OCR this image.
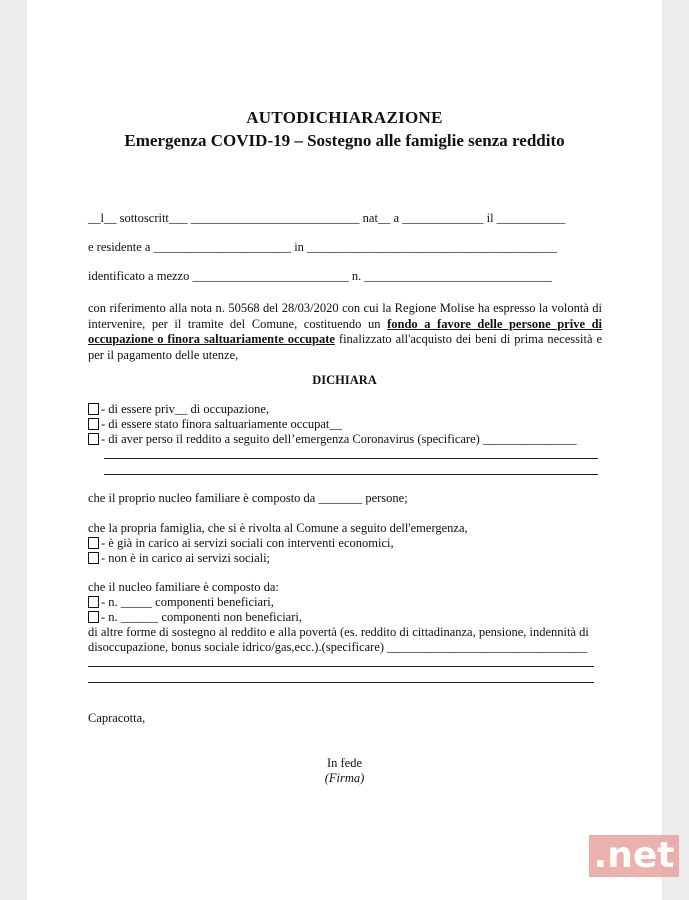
AUTODICHIARAZIONE
Emergenza COVID-19 – Sostegno alle famiglie senza reddito
__l__ sottoscritt___ ___________________________ nat__ a _____________ il ___________
e residente a ______________________ in ________________________________________
identificato a mezzo _________________________ n. ______________________________
con riferimento alla nota n. 50568 del 28/03/2020 con cui la Regione Molise ha espresso la volontà di intervenire, per il tramite del Comune, costituendo un fondo a favore delle persone prive di occupazione o finora saltuariamente occupate finalizzato all'acquisto dei beni di prima necessità e per il pagamento delle utenze,
DICHIARA
- di essere priv__ di occupazione,
- di essere stato finora saltuariamente occupat__
- di aver perso il reddito a seguito dell’emergenza Coronavirus (specificare) _______________
che il proprio nucleo familiare è composto da _______ persone;
che la propria famiglia, che si è rivolta al Comune a seguito dell'emergenza,
- è già in carico ai servizi sociali con interventi economici,
- non è in carico ai servizi sociali;
che il nucleo familiare è composto da:
- n. _____ componenti beneficiari,
- n. ______ componenti non beneficiari,
di altre forme di sostegno al reddito e alla povertà (es. reddito di cittadinanza, pensione, indennità di
disoccupazione, bonus sociale idrico/gas,ecc.).(specificare) ________________________________
Capracotta,
In fede
(Firma)
.net
